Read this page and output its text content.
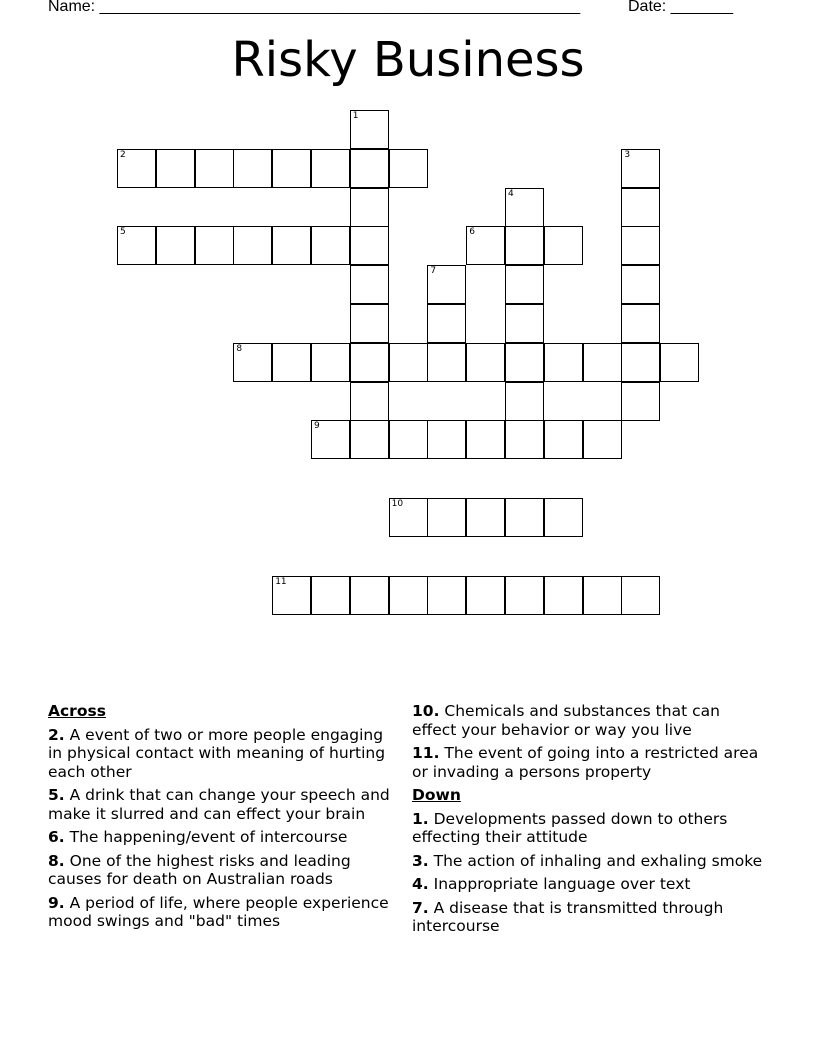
Name: ______________________________________________________	Date: _______
Risky Business
1
2	3
4
5	6
7
8
9
10
11
Across
2. A event of two or more people engaging in physical contact with meaning of hurting each other
5. A drink that can change your speech and make it slurred and can effect your brain
6. The happening/event of intercourse
8. One of the highest risks and leading causes for death on Australian roads
9. A period of life, where people experience mood swings and "bad" times
10. Chemicals and substances that can effect your behavior or way you live
11. The event of going into a restricted area or invading a persons property
Down
1. Developments passed down to others effecting their attitude
3. The action of inhaling and exhaling smoke
4. Inappropriate language over text
7. A disease that is transmitted through intercourse
